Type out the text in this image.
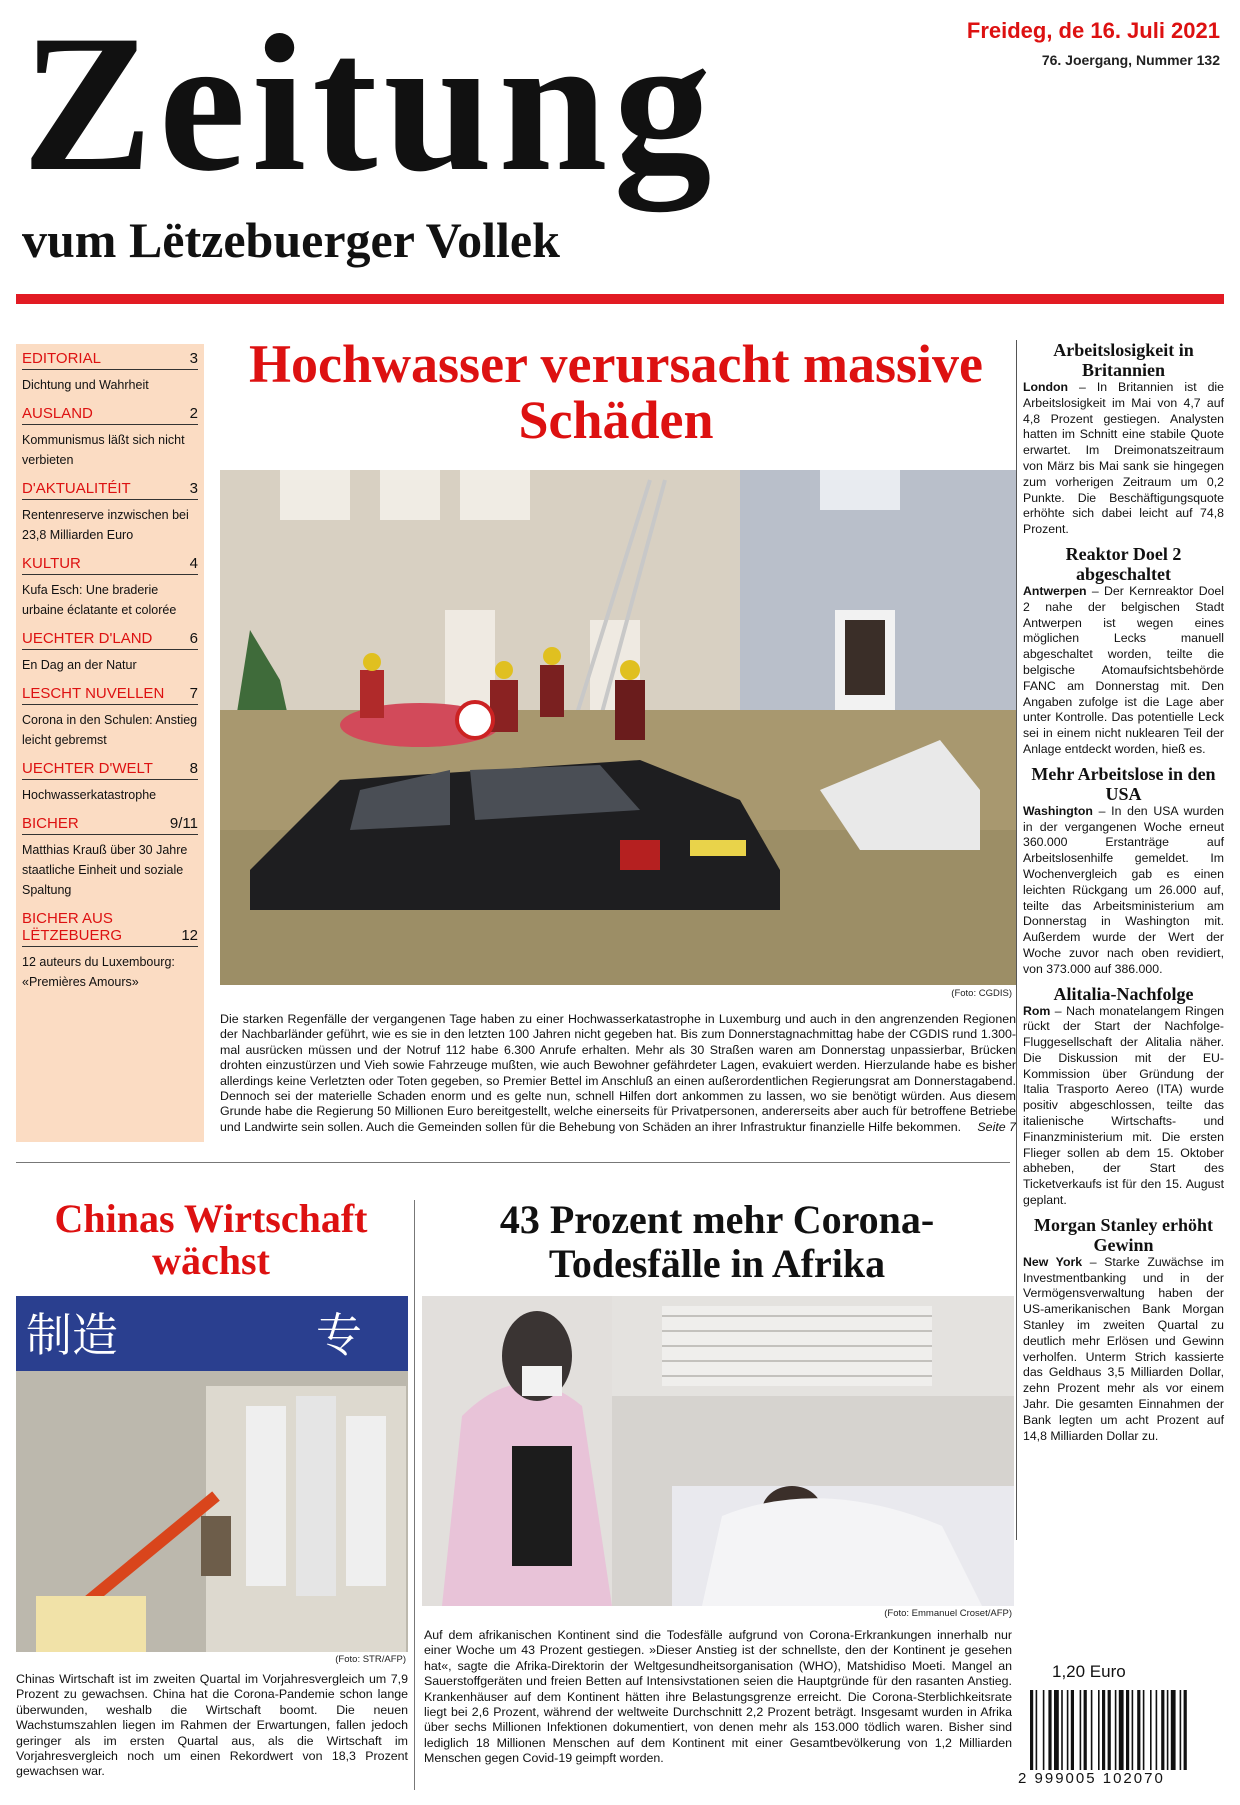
Zeitung
vum Lëtzebuerger Vollek
Freideg, de 16. Juli 2021
76. Joergang, Nummer 132
EDITORIAL	3
Dichtung und Wahrheit
AUSLAND	2
Kommunismus läßt sich nicht verbieten
D'AKTUALITÉIT	3
Rentenreserve inzwischen bei 23,8 Milliarden Euro
KULTUR	4
Kufa Esch: Une braderie urbaine éclatante et colorée
UECHTER D'LAND 6
En Dag an der Natur
LESCHT NUVELLEN 7
Corona in den Schulen: Anstieg leicht gebremst
UECHTER D'WELT 8
Hochwasserkatastrophe
BICHER	9/11
Matthias Krauß über 30 Jahre staatliche Einheit und soziale Spaltung
BICHER AUS LËTZEBUERG	12
12 auteurs du Luxembourg: «Premières Amours»
Hochwasser verursacht massive Schäden
(Foto: CGDIS)
Die starken Regenfälle der vergangenen Tage haben zu einer Hochwasserkatastrophe in Luxemburg und auch in den angrenzenden Regionen der Nachbarländer geführt, wie es sie in den letzten 100 Jahren nicht gegeben hat. Bis zum Donnerstagnachmittag habe der CGDIS rund 1.300-mal ausrücken müssen und der Notruf 112 habe 6.300 Anrufe erhalten. Mehr als 30 Straßen waren am Donnerstag unpassierbar, Brücken drohten einzustürzen und Vieh sowie Fahrzeuge mußten, wie auch Bewohner gefährdeter Lagen, evakuiert werden. Hierzulande habe es bisher allerdings keine Verletzten oder Toten gegeben, so Premier Bettel im Anschluß an einen außerordentlichen Regierungsrat am Donnerstagabend. Dennoch sei der materielle Schaden enorm und es gelte nun, schnell Hilfen dort ankommen zu lassen, wo sie benötigt würden. Aus diesem Grunde habe die Regierung 50 Millionen Euro bereitgestellt, welche einerseits für Privatpersonen, andererseits aber auch für betroffene Betriebe und Landwirte sein sollen. Auch die Gemeinden sollen für die Behebung von Schäden an ihrer Infrastruktur finanzielle Hilfe bekommen. Seite 7
Chinas Wirtschaft wächst
制造	专
(Foto: STR/AFP)
Chinas Wirtschaft ist im zweiten Quartal im Vorjahresvergleich um 7,9 Prozent zu gewachsen. China hat die Corona-Pandemie schon lange überwunden, weshalb die Wirtschaft boomt. Die neuen Wachstumszahlen liegen im Rahmen der Erwartungen, fallen jedoch geringer als im ersten Quartal aus, als die Wirtschaft im Vorjahresvergleich noch um einen Rekordwert von 18,3 Prozent gewachsen war.
43 Prozent mehr Corona-Todesfälle in Afrika
(Foto: Emmanuel Croset/AFP)
Auf dem afrikanischen Kontinent sind die Todesfälle aufgrund von Corona-Erkrankungen innerhalb nur einer Woche um 43 Prozent gestiegen. »Dieser Anstieg ist der schnellste, den der Kontinent je gesehen hat«, sagte die Afrika-Direktorin der Weltgesundheitsorganisation (WHO), Matshidiso Moeti. Mangel an Sauerstoffgeräten und freien Betten auf Intensivstationen seien die Hauptgründe für den rasanten Anstieg. Krankenhäuser auf dem Kontinent hätten ihre Belastungsgrenze erreicht. Die Corona-Sterblichkeitsrate liegt bei 2,6 Prozent, während der weltweite Durchschnitt 2,2 Prozent beträgt. Insgesamt wurden in Afrika über sechs Millionen Infektionen dokumentiert, von denen mehr als 153.000 tödlich waren. Bisher sind lediglich 18 Millionen Menschen auf dem Kontinent mit einer Gesamtbevölkerung von 1,2 Milliarden Menschen gegen Covid-19 geimpft worden.
Arbeitslosigkeit in Britannien

London – In Britannien ist die Arbeitslosigkeit im Mai von 4,7 auf 4,8 Prozent gestiegen. Analysten hatten im Schnitt eine stabile Quote erwartet. Im Dreimonatszeitraum von März bis Mai sank sie hingegen zum vorherigen Zeitraum um 0,2 Punkte. Die Beschäftigungsquote erhöhte sich dabei leicht auf 74,8 Prozent.

Reaktor Doel 2 abgeschaltet

Antwerpen – Der Kernreaktor Doel 2 nahe der belgischen Stadt Antwerpen ist wegen eines möglichen Lecks manuell abgeschaltet worden, teilte die belgische Atomaufsichtsbehörde FANC am Donnerstag mit. Den Angaben zufolge ist die Lage aber unter Kontrolle. Das potentielle Leck sei in einem nicht nuklearen Teil der Anlage entdeckt worden, hieß es.

Mehr Arbeitslose in den USA

Washington – In den USA wurden in der vergangenen Woche erneut 360.000 Erstanträge auf Arbeitslosenhilfe gemeldet. Im Wochenvergleich gab es einen leichten Rückgang um 26.000 auf, teilte das Arbeitsministerium am Donnerstag in Washington mit. Außerdem wurde der Wert der Woche zuvor nach oben revidiert, von 373.000 auf 386.000.

Alitalia-Nachfolge

Rom – Nach monatelangem Ringen rückt der Start der Nachfolge-Fluggesellschaft der Alitalia näher. Die Diskussion mit der EU-Kommission über Gründung der Italia Trasporto Aereo (ITA) wurde positiv abgeschlossen, teilte das italienische Wirtschafts- und Finanzministerium mit. Die ersten Flieger sollen ab dem 15. Oktober abheben, der Start des Ticketverkaufs ist für den 15. August geplant.

Morgan Stanley erhöht Gewinn

New York – Starke Zuwächse im Investmentbanking und in der Vermögensverwaltung haben der US-amerikanischen Bank Morgan Stanley im zweiten Quartal zu deutlich mehr Erlösen und Gewinn verholfen. Unterm Strich kassierte das Geldhaus 3,5 Milliarden Dollar, zehn Prozent mehr als vor einem Jahr. Die gesamten Einnahmen der Bank legten um acht Prozent auf 14,8 Milliarden Dollar zu.

1,20 Euro
2 999005 102070
